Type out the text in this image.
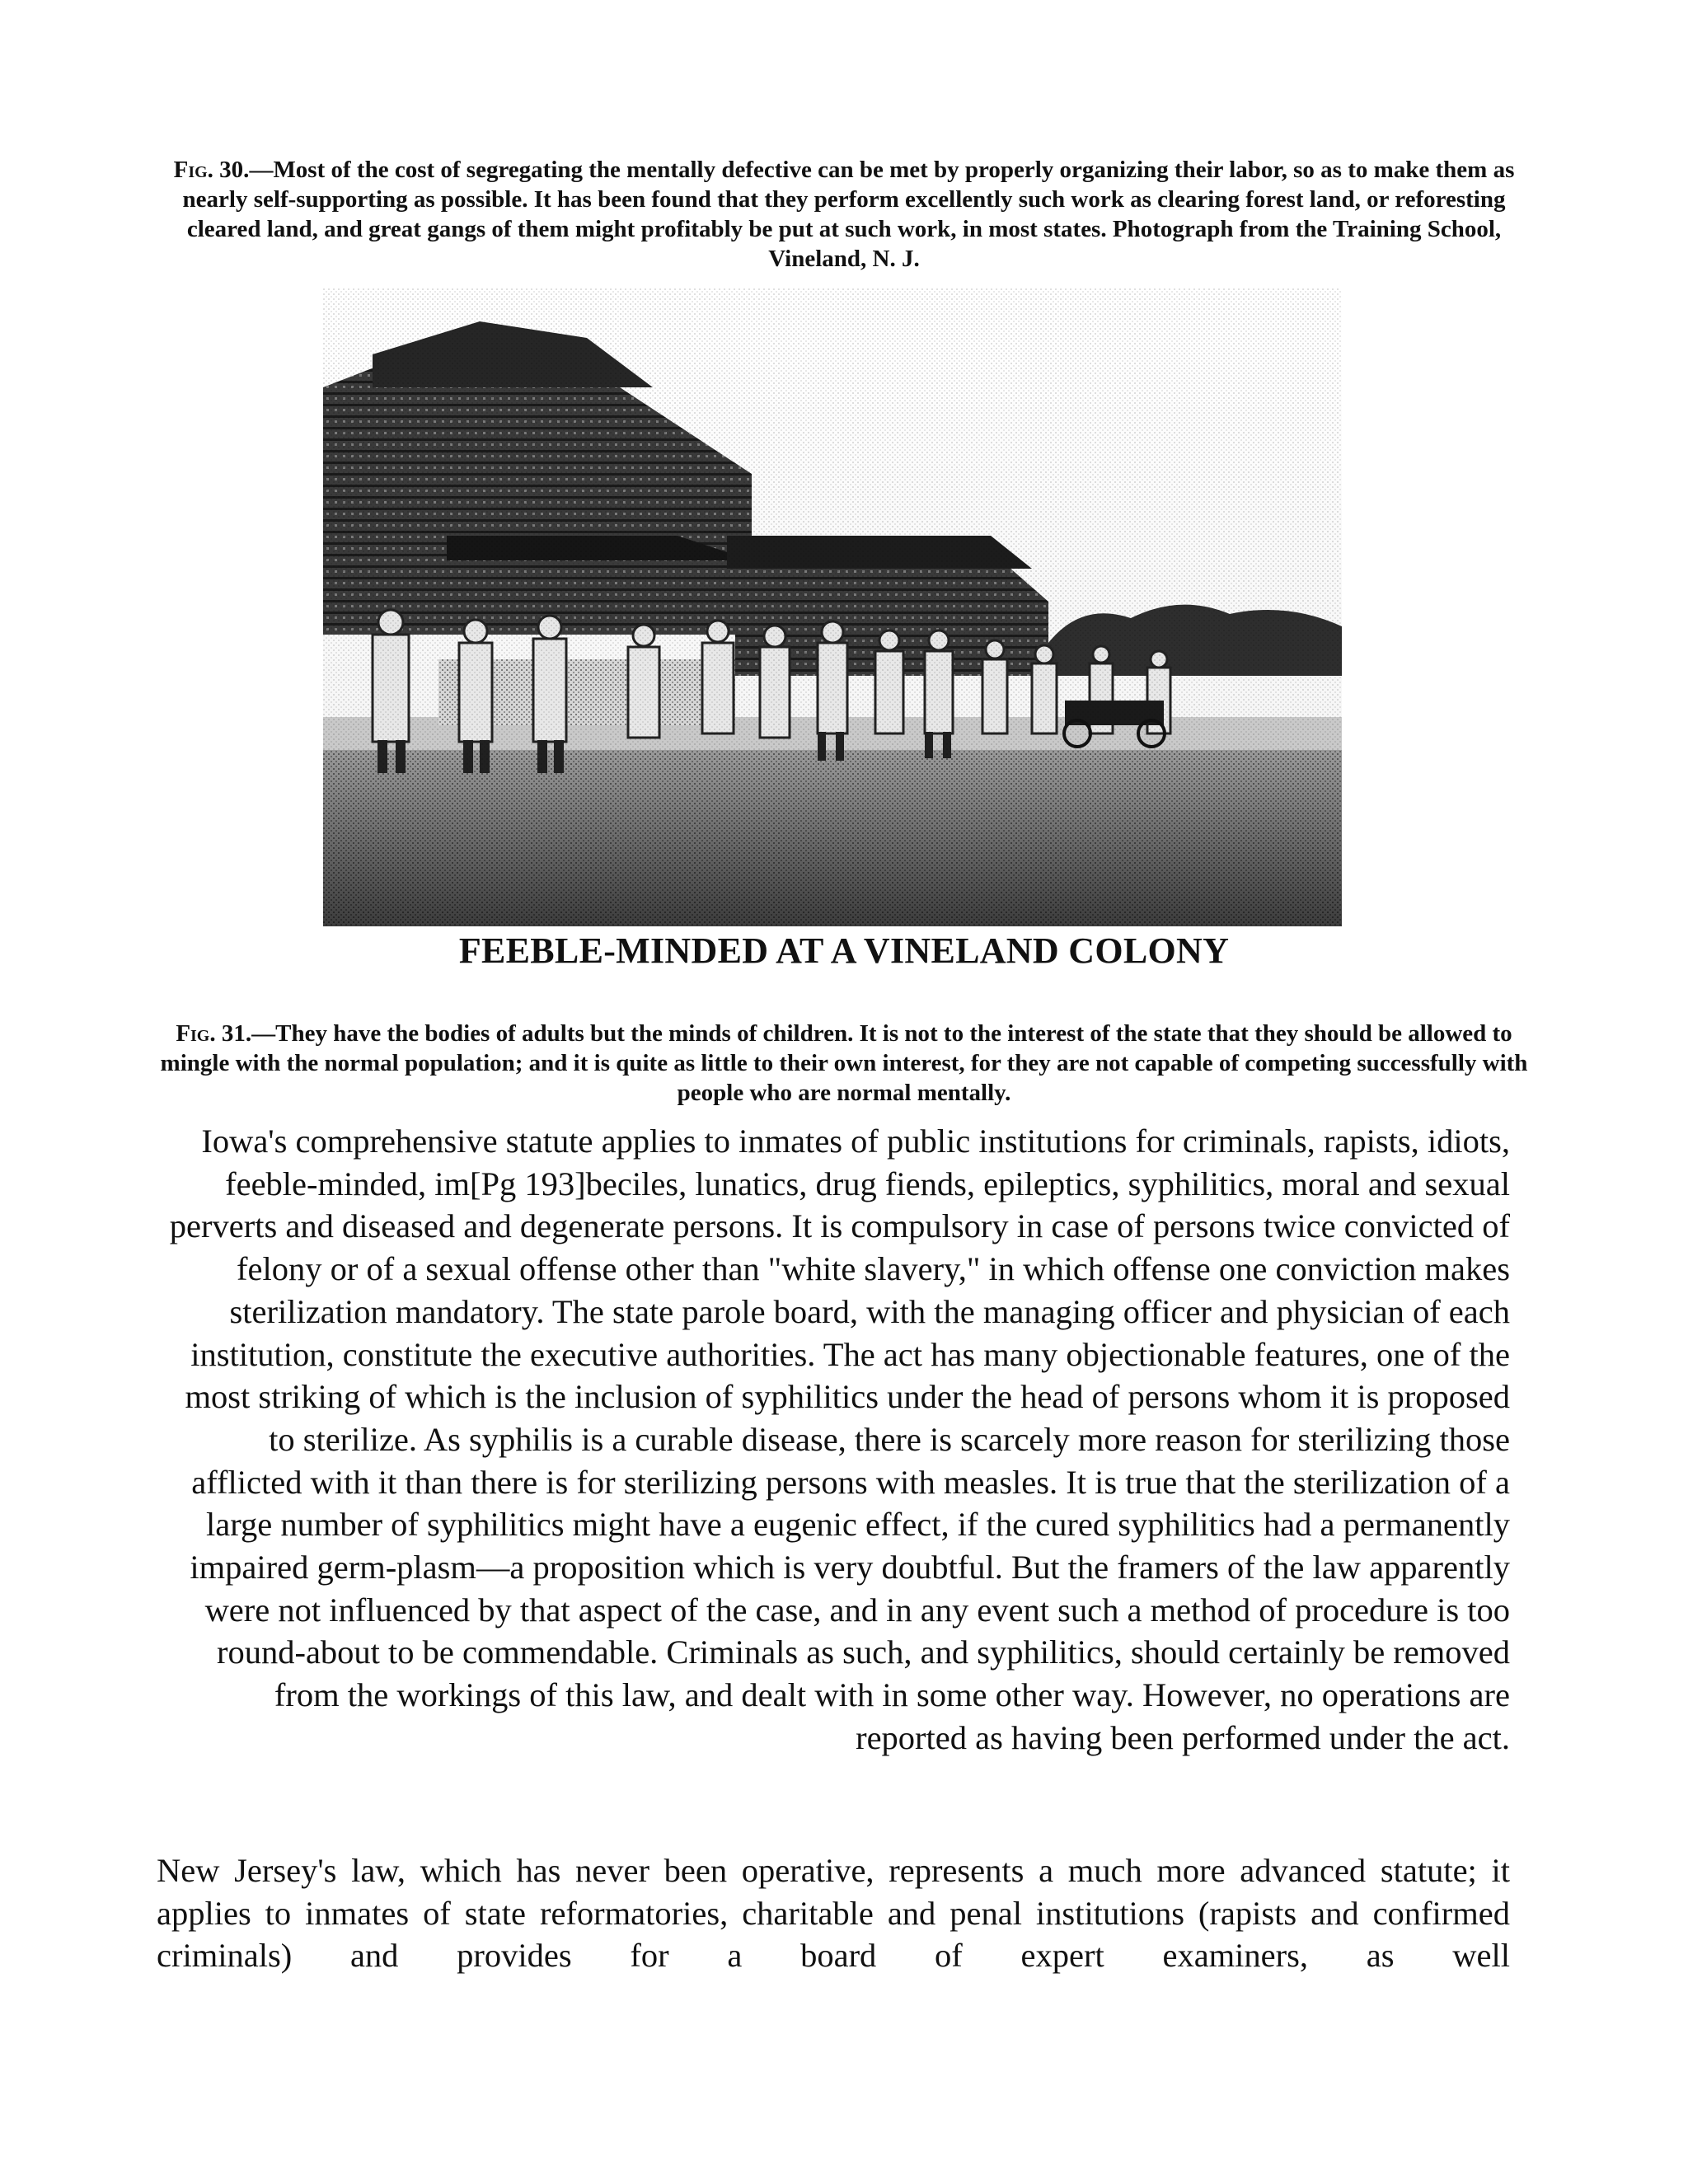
Fig. 30.—Most of the cost of segregating the mentally defective can be met by properly organizing their labor, so as to make them as nearly self-supporting as possible. It has been found that they perform excellently such work as clearing forest land, or reforesting cleared land, and great gangs of them might profitably be put at such work, in most states. Photograph from the Training School, Vineland, N. J.

FEEBLE-MINDED AT A VINELAND COLONY

Fig. 31.—They have the bodies of adults but the minds of children. It is not to the interest of the state that they should be allowed to mingle with the normal population; and it is quite as little to their own interest, for they are not capable of competing successfully with people who are normal mentally.

Iowa's comprehensive statute applies to inmates of public institutions for criminals, rapists, idiots, feeble-minded, im[Pg 193]beciles, lunatics, drug fiends, epileptics, syphilitics, moral and sexual perverts and diseased and degenerate persons. It is compulsory in case of persons twice convicted of felony or of a sexual offense other than "white slavery," in which offense one conviction makes sterilization mandatory. The state parole board, with the managing officer and physician of each institution, constitute the executive authorities. The act has many objectionable features, one of the most striking of which is the inclusion of syphilitics under the head of persons whom it is proposed to sterilize. As syphilis is a curable disease, there is scarcely more reason for sterilizing those afflicted with it than there is for sterilizing persons with measles. It is true that the sterilization of a large number of syphilitics might have a eugenic effect, if the cured syphilitics had a permanently impaired germ-plasm—a proposition which is very doubtful. But the framers of the law apparently were not influenced by that aspect of the case, and in any event such a method of procedure is too round-about to be commendable. Criminals as such, and syphilitics, should certainly be removed from the workings of this law, and dealt with in some other way. However, no operations are reported as having been performed under the act.

New Jersey's law, which has never been operative, represents a much more advanced statute; it applies to inmates of state reformatories, charitable and penal institutions (rapists and confirmed criminals) and provides for a board of expert examiners, as well
